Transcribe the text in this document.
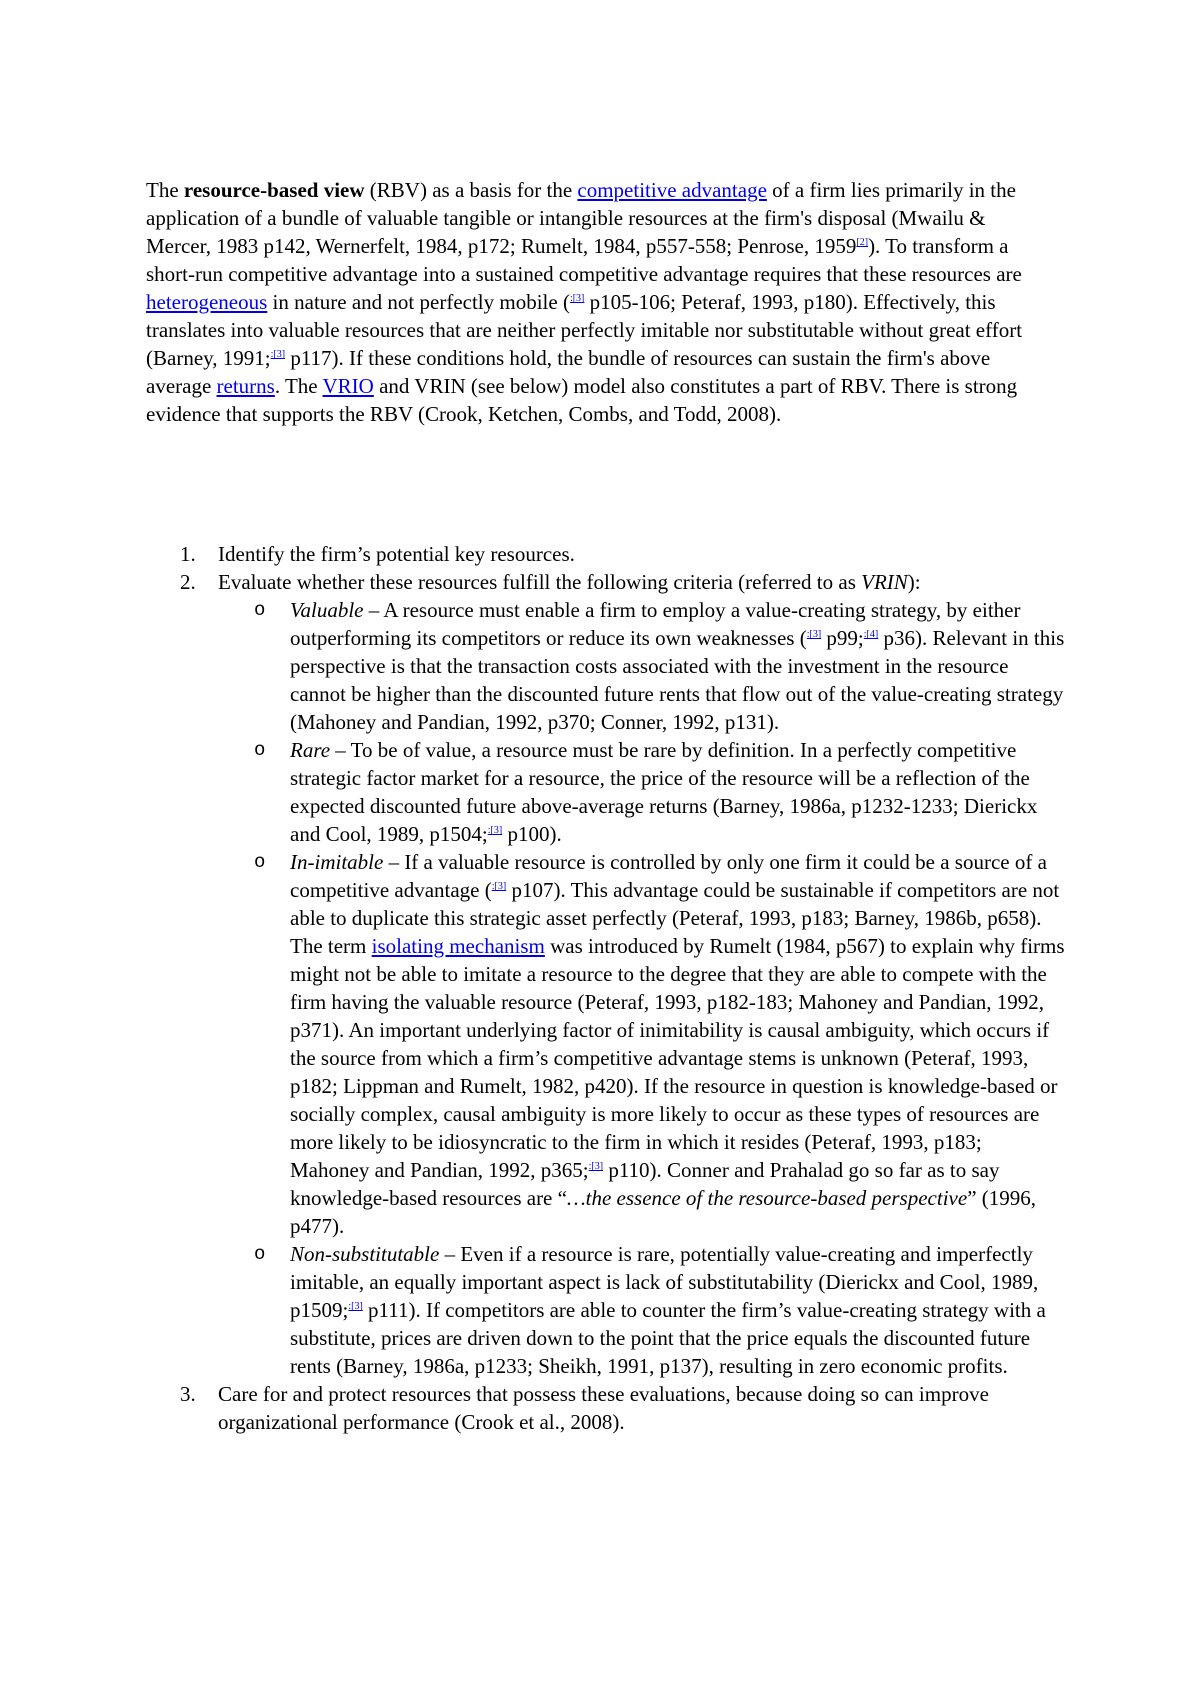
The resource-based view (RBV) as a basis for the competitive advantage of a firm lies primarily in the application of a bundle of valuable tangible or intangible resources at the firm's disposal (Mwailu & Mercer, 1983 p142, Wernerfelt, 1984, p172; Rumelt, 1984, p557-558; Penrose, 1959[2]). To transform a short-run competitive advantage into a sustained competitive advantage requires that these resources are heterogeneous in nature and not perfectly mobile ($^{:[3]}$ p105-106; Peteraf, 1993, p180). Effectively, this translates into valuable resources that are neither perfectly imitable nor substitutable without great effort (Barney, 1991;$^{:[3]}$ p117). If these conditions hold, the bundle of resources can sustain the firm's above average returns. The VRIO and VRIN (see below) model also constitutes a part of RBV. There is strong evidence that supports the RBV (Crook, Ketchen, Combs, and Todd, 2008).

1. Identify the firm’s potential key resources.
2. Evaluate whether these resources fulfill the following criteria (referred to as VRIN):
o Valuable – A resource must enable a firm to employ a value-creating strategy, by either outperforming its competitors or reduce its own weaknesses ($^{:[3]}$ p99;$^{:[4]}$ p36). Relevant in this perspective is that the transaction costs associated with the investment in the resource cannot be higher than the discounted future rents that flow out of the value-creating strategy (Mahoney and Pandian, 1992, p370; Conner, 1992, p131).
o Rare – To be of value, a resource must be rare by definition. In a perfectly competitive strategic factor market for a resource, the price of the resource will be a reflection of the expected discounted future above-average returns (Barney, 1986a, p1232-1233; Dierickx and Cool, 1989, p1504;$^{:[3]}$ p100).
o In-imitable – If a valuable resource is controlled by only one firm it could be a source of a competitive advantage ($^{:[3]}$ p107). This advantage could be sustainable if competitors are not able to duplicate this strategic asset perfectly (Peteraf, 1993, p183; Barney, 1986b, p658). The term isolating mechanism was introduced by Rumelt (1984, p567) to explain why firms might not be able to imitate a resource to the degree that they are able to compete with the firm having the valuable resource (Peteraf, 1993, p182-183; Mahoney and Pandian, 1992, p371). An important underlying factor of inimitability is causal ambiguity, which occurs if the source from which a firm’s competitive advantage stems is unknown (Peteraf, 1993, p182; Lippman and Rumelt, 1982, p420). If the resource in question is knowledge-based or socially complex, causal ambiguity is more likely to occur as these types of resources are more likely to be idiosyncratic to the firm in which it resides (Peteraf, 1993, p183; Mahoney and Pandian, 1992, p365;$^{:[3]}$ p110). Conner and Prahalad go so far as to say knowledge-based resources are “…the essence of the resource-based perspective” (1996, p477).
o Non-substitutable – Even if a resource is rare, potentially value-creating and imperfectly imitable, an equally important aspect is lack of substitutability (Dierickx and Cool, 1989, p1509;$^{:[3]}$ p111). If competitors are able to counter the firm’s value-creating strategy with a substitute, prices are driven down to the point that the price equals the discounted future rents (Barney, 1986a, p1233; Sheikh, 1991, p137), resulting in zero economic profits.
3. Care for and protect resources that possess these evaluations, because doing so can improve organizational performance (Crook et al., 2008).
